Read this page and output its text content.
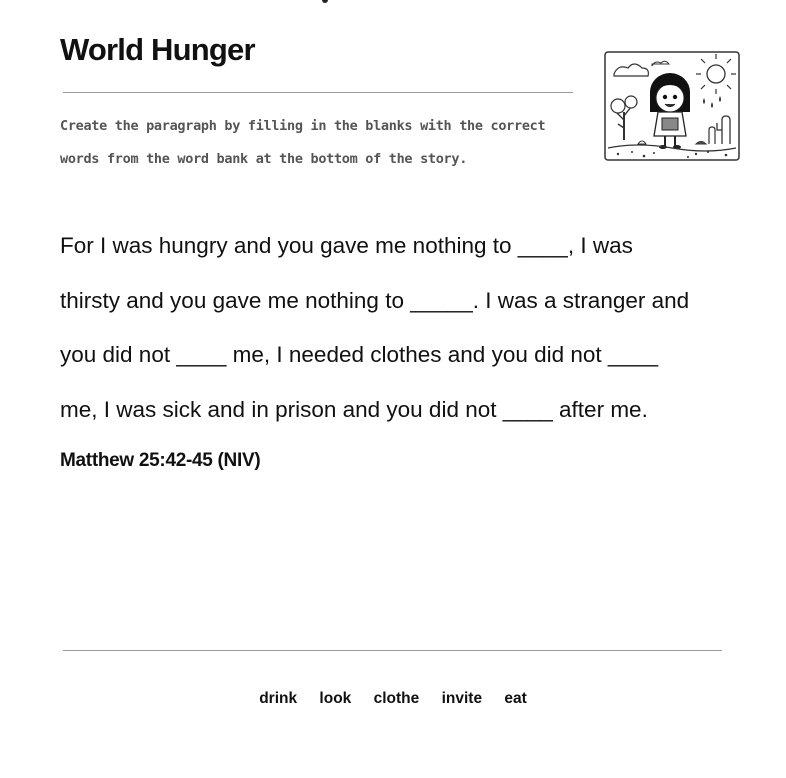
World Hunger
Create the paragraph by filling in the blanks with the correct
words from the word bank at the bottom of the story.
For I was hungry and you gave me nothing to ____, I was
thirsty and you gave me nothing to _____. I was a stranger and
you did not ____ me, I needed clothes and you did not ____
me, I was sick and in prison and you did not ____ after me.
Matthew 25:42-45 (NIV)
drink look clothe invite eat
